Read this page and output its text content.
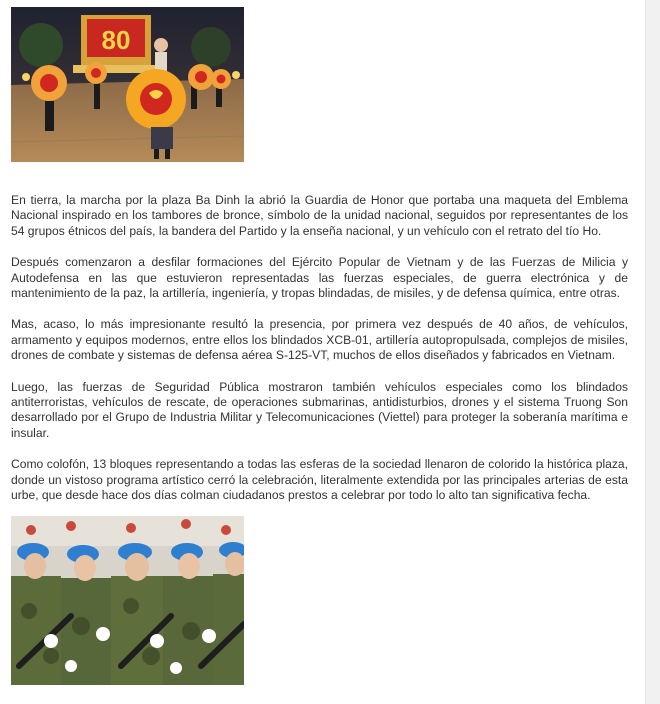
80

En tierra, la marcha por la plaza Ba Dinh la abrió la Guardia de Honor que portaba una maqueta del Emblema Nacional inspirado en los tambores de bronce, símbolo de la unidad nacional, seguidos por representantes de los 54 grupos étnicos del país, la bandera del Partido y la enseña nacional, y un vehículo con el retrato del tío Ho.

Después comenzaron a desfilar formaciones del Ejército Popular de Vietnam y de las Fuerzas de Milicia y Autodefensa en las que estuvieron representadas las fuerzas especiales, de guerra electrónica y de mantenimiento de la paz, la artillería, ingeniería, y tropas blindadas, de misiles, y de defensa química, entre otras.

Mas, acaso, lo más impresionante resultó la presencia, por primera vez después de 40 años, de vehículos, armamento y equipos modernos, entre ellos los blindados XCB-01, artillería autopropulsada, complejos de misiles, drones de combate y sistemas de defensa aérea S-125-VT, muchos de ellos diseñados y fabricados en Vietnam.

Luego, las fuerzas de Seguridad Pública mostraron también vehículos especiales como los blindados antiterroristas, vehículos de rescate, de operaciones submarinas, antidisturbios, drones y el sistema Truong Son desarrollado por el Grupo de Industria Militar y Telecomunicaciones (Viettel) para proteger la soberanía marítima e insular.

Como colofón, 13 bloques representando a todas las esferas de la sociedad llenaron de colorido la histórica plaza, donde un vistoso programa artístico cerró la celebración, literalmente extendida por las principales arterias de esta urbe, que desde hace dos días colman ciudadanos prestos a celebrar por todo lo alto tan significativa fecha.
